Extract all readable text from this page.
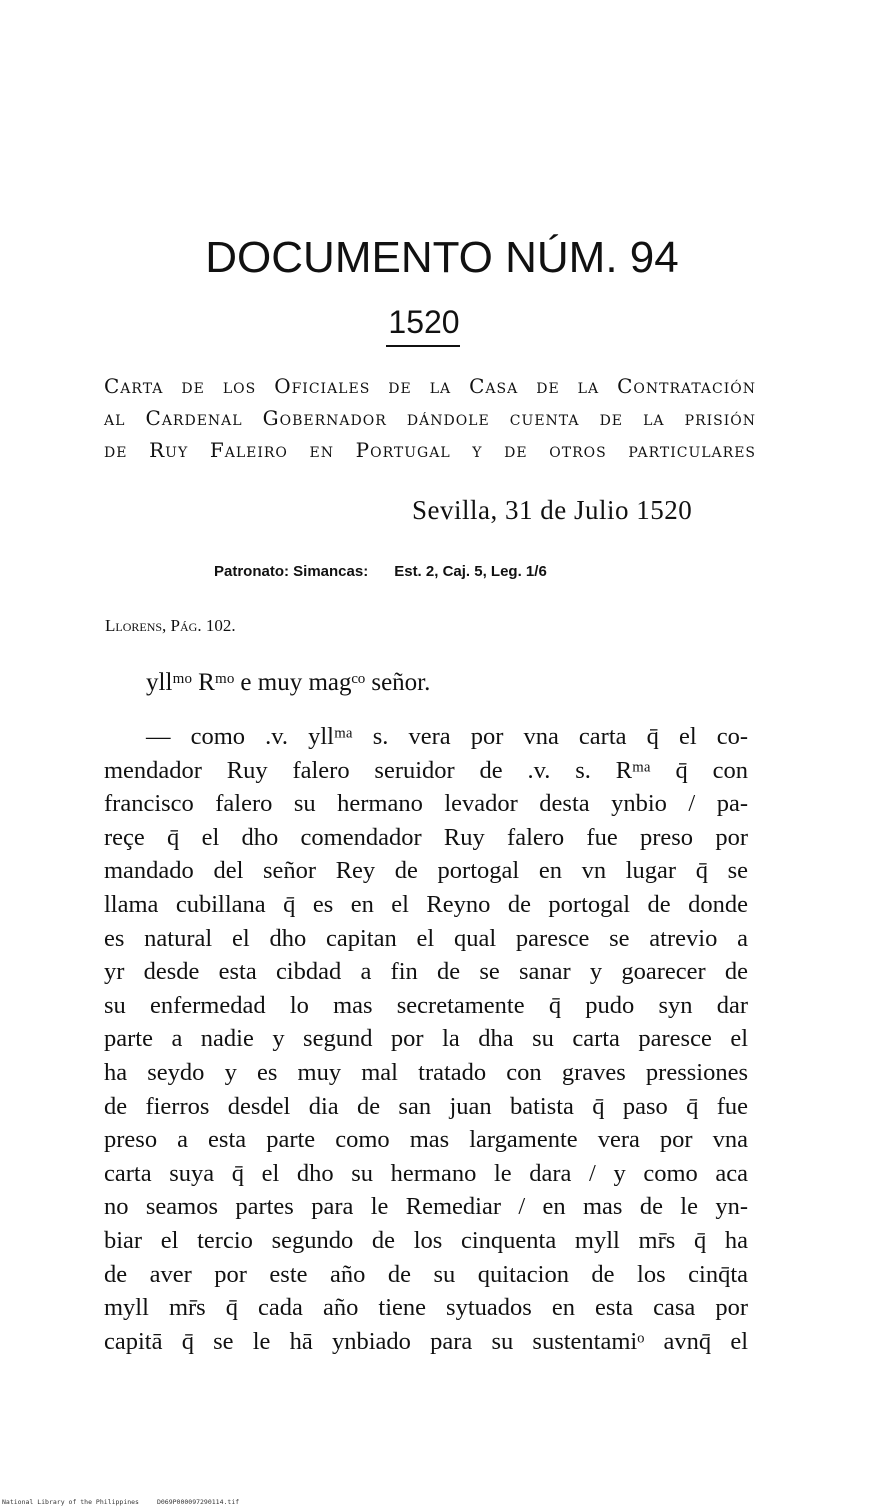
DOCUMENTO NÚM. 94
1520
Carta de los Oficiales de la Casa de la Contratación
al Cardenal Gobernador dándole cuenta de la prisión
de Ruy Faleiro en Portugal y de otros particulares
Sevilla, 31 de Julio 1520
Patronato: Simancas: Est. 2, Caj. 5, Leg. 1/6
Llorens, Pág. 102.
yllᵐᵒ Rᵐᵒ e muy magᶜᵒ señor.
— como .v. yllᵐᵃ s. vera por vna carta q̄ el co-
mendador Ruy falero seruidor de .v. s. Rᵐᵃ q̄ con
francisco falero su hermano levador desta ynbio / pa-
reçe q̄ el dho comendador Ruy falero fue preso por
mandado del señor Rey de portogal en vn lugar q̄ se
llama cubillana q̄ es en el Reyno de portogal de donde
es natural el dho capitan el qual paresce se atrevio a
yr desde esta cibdad a fin de se sanar y goarecer de
su enfermedad lo mas secretamente q̄ pudo syn dar
parte a nadie y segund por la dha su carta paresce el
ha seydo y es muy mal tratado con graves pressiones
de fierros desdel dia de san juan batista q̄ paso q̄ fue
preso a esta parte como mas largamente vera por vna
carta suya q̄ el dho su hermano le dara / y como aca
no seamos partes para le Remediar / en mas de le yn-
biar el tercio segundo de los cinquenta myll mr̄s q̄ ha
de aver por este año de su quitacion de los cinq̄ta
myll mr̄s q̄ cada año tiene sytuados en esta casa por
capitā q̄ se le hā ynbiado para su sustentamiᵒ avnq̄ el
National Library of the Philippines	D069P000097290114.tif
